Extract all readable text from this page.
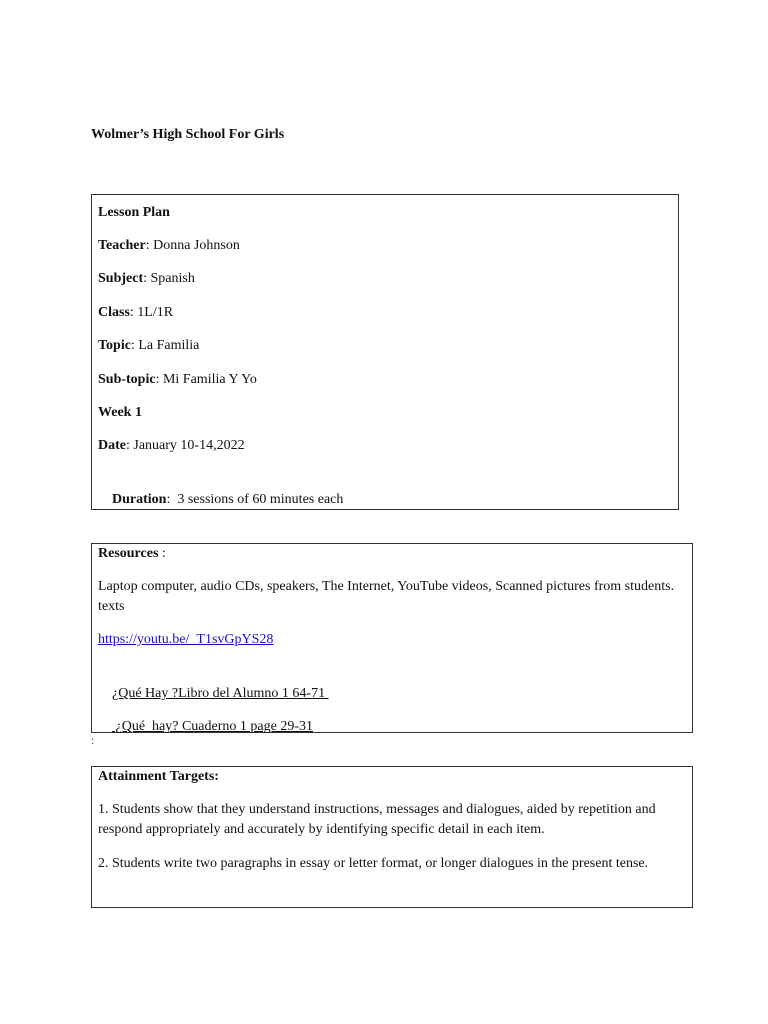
Wolmer’s High School For Girls
Lesson Plan
Teacher: Donna Johnson
Subject: Spanish
Class: 1L/1R
Topic: La Familia
Sub-topic: Mi Familia Y Yo
Week 1
Date: January 10-14,2022

Duration:  3 sessions of 60 minutes each

Resources :
Laptop computer, audio CDs, speakers, The Internet, YouTube videos, Scanned pictures from students. texts
https://youtu.be/_T1svGpYS28

¿Qué Hay ?Libro del Alumno 1 64-71

¿Qué  hay? Cuaderno 1 page 29-31

:
Attainment Targets:
1. Students show that they understand instructions, messages and dialogues, aided by repetition and respond appropriately and accurately by identifying specific detail in each item.
2. Students write two paragraphs in essay or letter format, or longer dialogues in the present tense.
